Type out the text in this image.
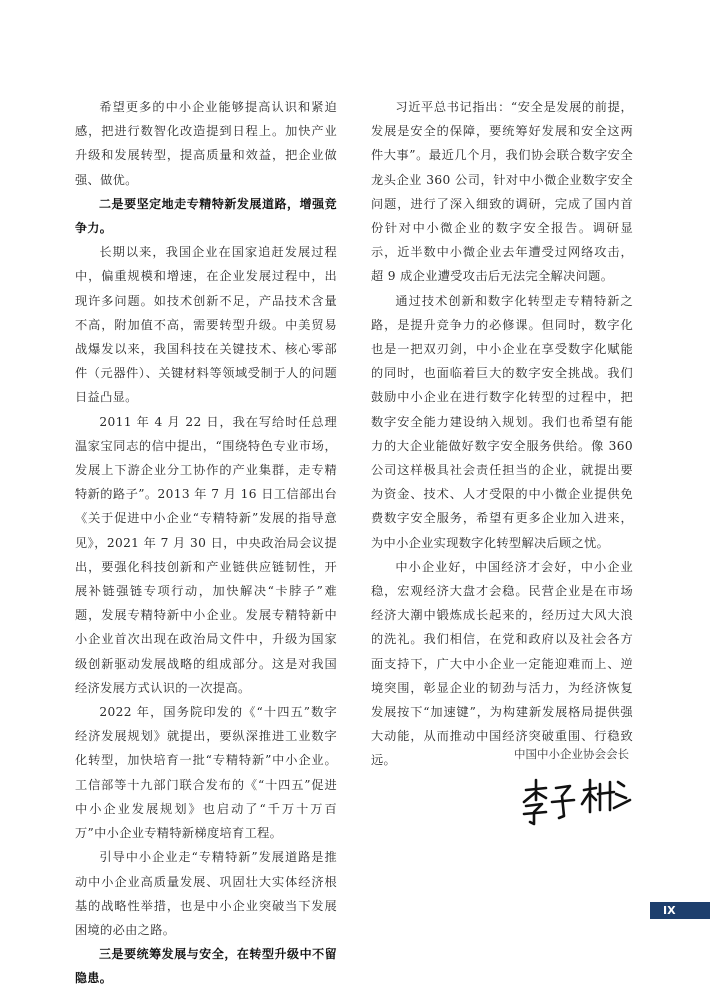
希望更多的中小企业能够提高认识和紧迫感，把进行数智化改造提到日程上。加快产业升级和发展转型，提高质量和效益，把企业做强、做优。

二是要坚定地走专精特新发展道路，增强竞争力。

长期以来，我国企业在国家追赶发展过程中，偏重规模和增速，在企业发展过程中，出现许多问题。如技术创新不足，产品技术含量不高，附加值不高，需要转型升级。中美贸易战爆发以来，我国科技在关键技术、核心零部件（元器件）、关键材料等领域受制于人的问题日益凸显。

2011 年 4 月 22 日，我在写给时任总理温家宝同志的信中提出，“围绕特色专业市场，发展上下游企业分工协作的产业集群，走专精特新的路子”。2013 年 7 月 16 日工信部出台《关于促进中小企业“专精特新”发展的指导意见》，2021 年 7 月 30 日，中央政治局会议提出，要强化科技创新和产业链供应链韧性，开展补链强链专项行动，加快解决“卡脖子”难题，发展专精特新中小企业。发展专精特新中小企业首次出现在政治局文件中，升级为国家级创新驱动发展战略的组成部分。这是对我国经济发展方式认识的一次提高。

2022 年，国务院印发的《“十四五”数字经济发展规划》就提出，要纵深推进工业数字化转型，加快培育一批“专精特新”中小企业。工信部等十九部门联合发布的《“十四五”促进中小企业发展规划》也启动了“千万十万百万”中小企业专精特新梯度培育工程。

引导中小企业走“专精特新”发展道路是推动中小企业高质量发展、巩固壮大实体经济根基的战略性举措，也是中小企业突破当下发展困境的必由之路。

三是要统筹发展与安全，在转型升级中不留隐患。

习近平总书记指出：“安全是发展的前提，发展是安全的保障，要统筹好发展和安全这两件大事”。最近几个月，我们协会联合数字安全龙头企业 360 公司，针对中小微企业数字安全问题，进行了深入细致的调研，完成了国内首份针对中小微企业的数字安全报告。调研显示，近半数中小微企业去年遭受过网络攻击，超 9 成企业遭受攻击后无法完全解决问题。

通过技术创新和数字化转型走专精特新之路，是提升竞争力的必修课。但同时，数字化也是一把双刃剑，中小企业在享受数字化赋能的同时，也面临着巨大的数字安全挑战。我们鼓励中小企业在进行数字化转型的过程中，把数字安全能力建设纳入规划。我们也希望有能力的大企业能做好数字安全服务供给。像 360 公司这样极具社会责任担当的企业，就提出要为资金、技术、人才受限的中小微企业提供免费数字安全服务，希望有更多企业加入进来，为中小企业实现数字化转型解决后顾之忧。

中小企业好，中国经济才会好，中小企业稳，宏观经济大盘才会稳。民营企业是在市场经济大潮中锻炼成长起来的，经历过大风大浪的洗礼。我们相信，在党和政府以及社会各方面支持下，广大中小企业一定能迎难而上、逆境突围，彰显企业的韧劲与活力，为经济恢复发展按下“加速键”，为构建新发展格局提供强大动能，从而推动中国经济突破重围、行稳致远。	中国中小企业协会会长
IX
